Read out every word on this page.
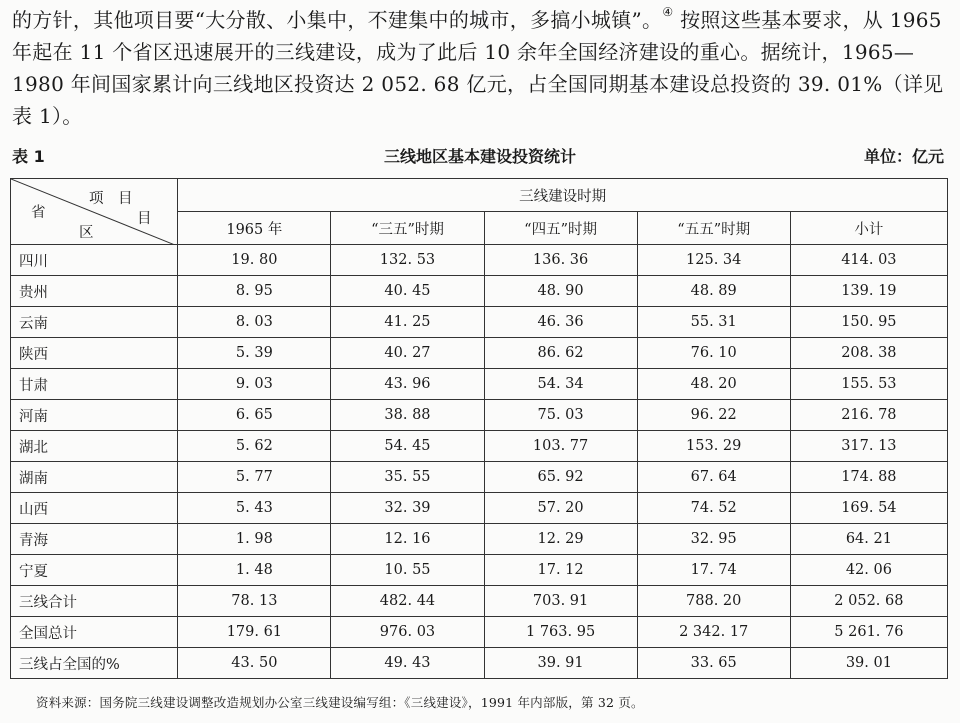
的方针，其他项目要“大分散、小集中，不建集中的城市，多搞小城镇”。④ 按照这些基本要求，从 1965
年起在 11 个省区迅速展开的三线建设，成为了此后 10 余年全国经济建设的重心。据统计，1965—
1980 年间国家累计向三线地区投资达 2 052. 68 亿元，占全国同期基本建设总投资的 39. 01%（详见
表 1）。
三线地区基本建设投资统计
表 1	单位：亿元
项　目
省 目
区	三线建设时期				
	1965 年	“三五”时期	“四五”时期	“五五”时期	小计
四川	19. 80	132. 53	136. 36	125. 34	414. 03
贵州	8. 95	40. 45	48. 90	48. 89	139. 19
云南	8. 03	41. 25	46. 36	55. 31	150. 95
陕西	5. 39	40. 27	86. 62	76. 10	208. 38
甘肃	9. 03	43. 96	54. 34	48. 20	155. 53
河南	6. 65	38. 88	75. 03	96. 22	216. 78
湖北	5. 62	54. 45	103. 77	153. 29	317. 13
湖南	5. 77	35. 55	65. 92	67. 64	174. 88
山西	5. 43	32. 39	57. 20	74. 52	169. 54
青海	1. 98	12. 16	12. 29	32. 95	64. 21
宁夏	1. 48	10. 55	17. 12	17. 74	42. 06
三线合计	78. 13	482. 44	703. 91	788. 20	2 052. 68
全国总计	179. 61	976. 03	1 763. 95	2 342. 17	5 261. 76
三线占全国的%	43. 50	49. 43	39. 91	33. 65	39. 01
资料来源：国务院三线建设调整改造规划办公室三线建设编写组：《三线建设》，1991 年内部版，第 32 页。
